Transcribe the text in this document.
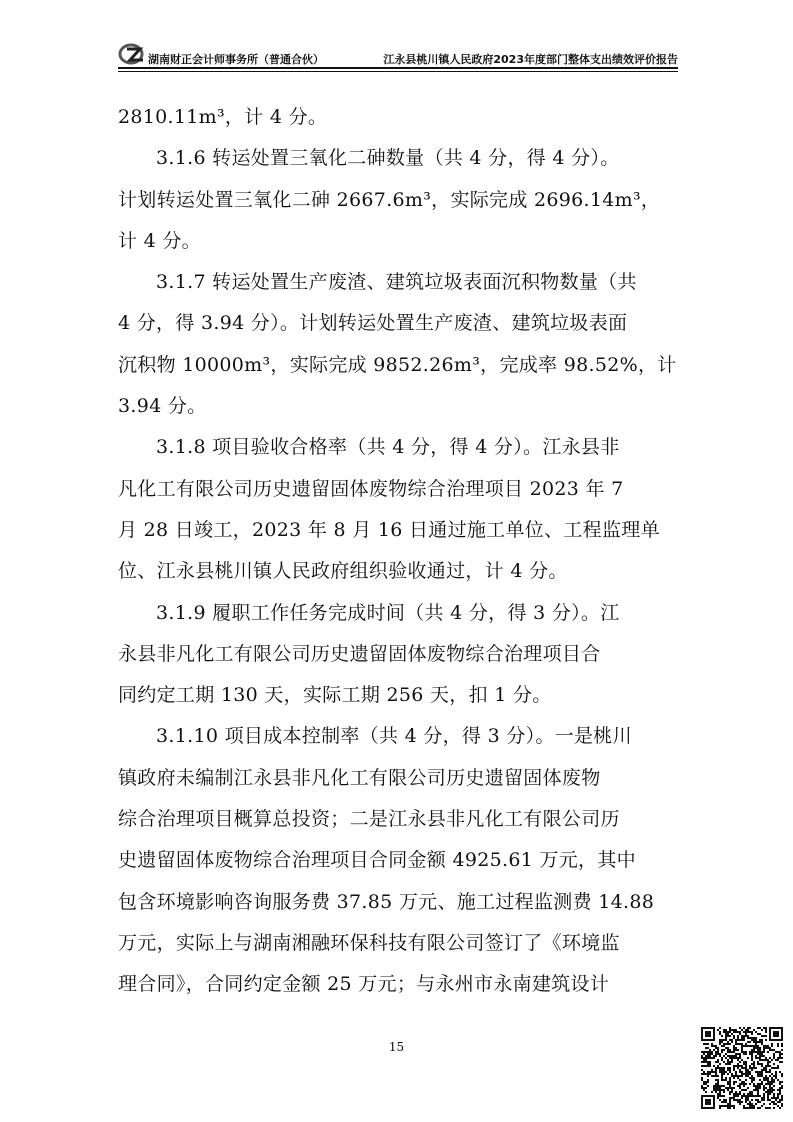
湖南财正会计师事务所（普通合伙）	江永县桃川镇人民政府2023年度部门整体支出绩效评价报告

2810.11m³，计 4 分。

3.1.6 转运处置三氧化二砷数量（共 4 分，得 4 分）。

计划转运处置三氧化二砷 2667.6m³，实际完成 2696.14m³，

计 4 分。

3.1.7 转运处置生产废渣、建筑垃圾表面沉积物数量（共

4 分，得 3.94 分）。计划转运处置生产废渣、建筑垃圾表面

沉积物 10000m³，实际完成 9852.26m³，完成率 98.52%，计

3.94 分。

3.1.8 项目验收合格率（共 4 分，得 4 分）。江永县非

凡化工有限公司历史遗留固体废物综合治理项目 2023 年 7

月 28 日竣工，2023 年 8 月 16 日通过施工单位、工程监理单

位、江永县桃川镇人民政府组织验收通过，计 4 分。

3.1.9 履职工作任务完成时间（共 4 分，得 3 分）。江

永县非凡化工有限公司历史遗留固体废物综合治理项目合

同约定工期 130 天，实际工期 256 天，扣 1 分。

3.1.10 项目成本控制率（共 4 分，得 3 分）。一是桃川

镇政府未编制江永县非凡化工有限公司历史遗留固体废物

综合治理项目概算总投资；二是江永县非凡化工有限公司历

史遗留固体废物综合治理项目合同金额 4925.61 万元，其中

包含环境影响咨询服务费 37.85 万元、施工过程监测费 14.88

万元，实际上与湖南湘融环保科技有限公司签订了《环境监

理合同》，合同约定金额 25 万元；与永州市永南建筑设计

15
